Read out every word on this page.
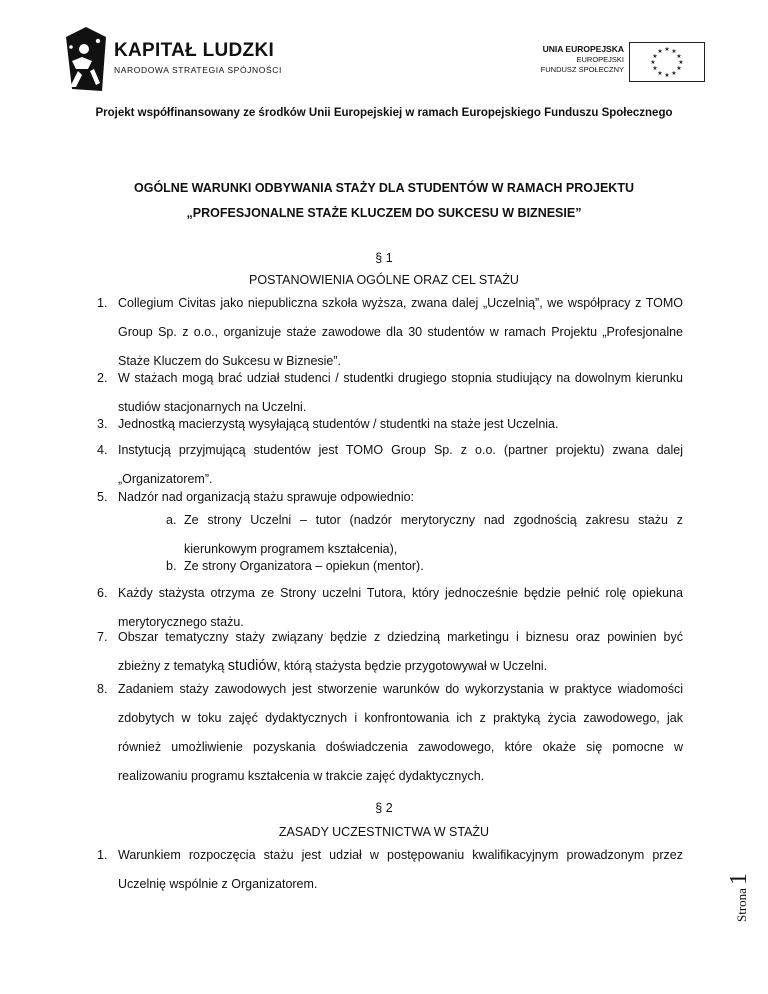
KAPITAŁ LUDZKI
NARODOWA STRATEGIA SPÓJNOŚCI
UNIA EUROPEJSKA
EUROPEJSKI
FUNDUSZ SPOŁECZNY
★ ★
★
★
★
★
★
★
★
★
★
★
Projekt współfinansowany ze środków Unii Europejskiej w ramach Europejskiego Funduszu Społecznego
OGÓLNE WARUNKI ODBYWANIA STAŻY DLA STUDENTÓW W RAMACH PROJEKTU
„PROFESJONALNE STAŻE KLUCZEM DO SUKCESU W BIZNESIE”
§ 1
POSTANOWIENIA OGÓLNE ORAZ CEL STAŻU
1. Collegium Civitas jako niepubliczna szkoła wyższa, zwana dalej „Uczelnią”, we współpracy z TOMO Group Sp. z o.o., organizuje staże zawodowe dla 30 studentów w ramach Projektu „Profesjonalne Staże Kluczem do Sukcesu w Biznesie”.
2. W stażach mogą brać udział studenci / studentki drugiego stopnia studiujący na dowolnym kierunku studiów stacjonarnych na Uczelni.
3. Jednostką macierzystą wysyłającą studentów / studentki na staże jest Uczelnia.
4. Instytucją przyjmującą studentów jest TOMO Group Sp. z o.o. (partner projektu) zwana dalej „Organizatorem”.
5. Nadzór nad organizacją stażu sprawuje odpowiednio:
a. Ze strony Uczelni – tutor (nadzór merytoryczny nad zgodnością zakresu stażu z kierunkowym programem kształcenia),
b. Ze strony Organizatora – opiekun (mentor).
6. Każdy stażysta otrzyma ze Strony uczelni Tutora, który jednocześnie będzie pełnić rolę opiekuna merytorycznego stażu.
7. Obszar tematyczny staży związany będzie z dziedziną marketingu i biznesu oraz powinien być zbieżny z tematyką studiów, którą stażysta będzie przygotowywał w Uczelni.
8. Zadaniem staży zawodowych jest stworzenie warunków do wykorzystania w praktyce wiadomości zdobytych w toku zajęć dydaktycznych i konfrontowania ich z praktyką życia zawodowego, jak również umożliwienie pozyskania doświadczenia zawodowego, które okaże się pomocne w realizowaniu programu kształcenia w trakcie zajęć dydaktycznych.
§ 2
ZASADY UCZESTNICTWA W STAŻU
1. Warunkiem rozpoczęcia stażu jest udział w postępowaniu kwalifikacyjnym prowadzonym przez Uczelnię wspólnie z Organizatorem.
Strona1
